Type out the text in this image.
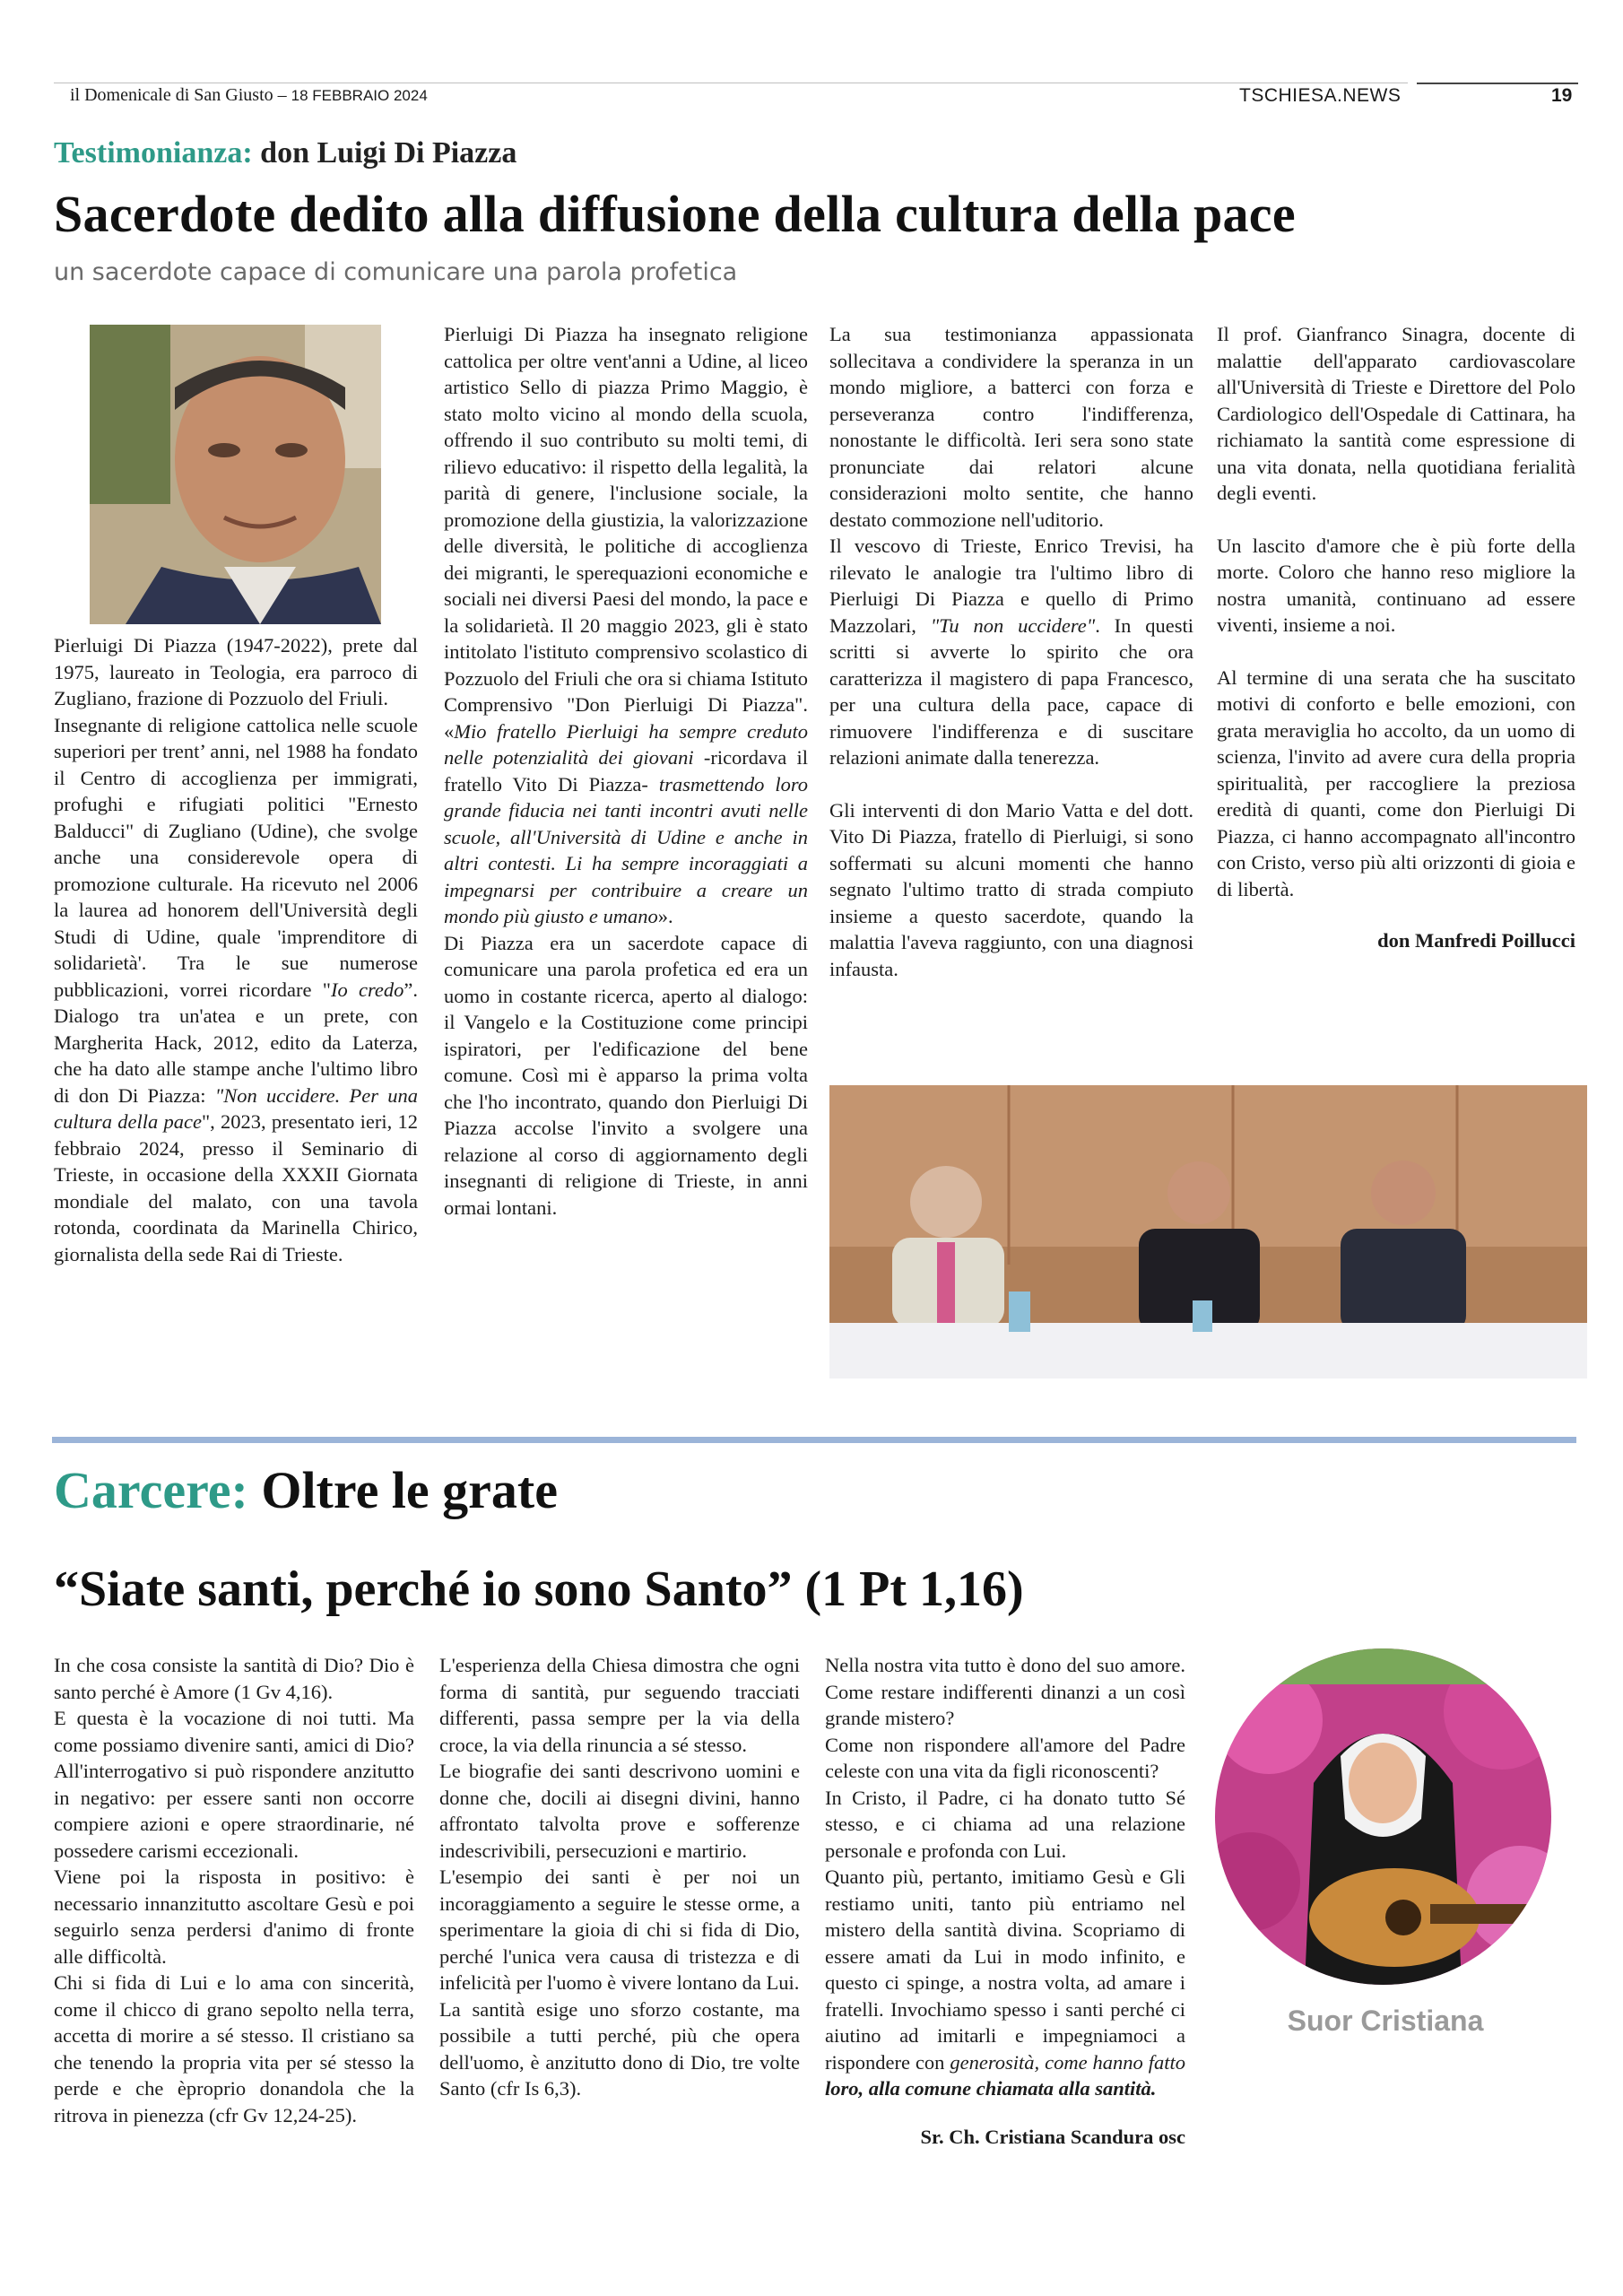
il Domenicale di San Giusto – 18 FEBBRAIO 2024	TSCHIESA.NEWS	19
Testimonianza: don Luigi Di Piazza
Sacerdote dedito alla diffusione della cultura della pace
un sacerdote capace di comunicare una parola profetica

Pierluigi Di Piazza (1947-2022), prete dal 1975, laureato in Teologia, era parroco di Zugliano, frazione di Pozzuolo del Friuli.

Insegnante di religione cattolica nelle scuole superiori per trent’ anni, nel 1988 ha fondato il Centro di accoglienza per immigrati, profughi e rifugiati politici "Ernesto Balducci" di Zugliano (Udine), che svolge anche una considerevole opera di promozione culturale. Ha ricevuto nel 2006 la laurea ad honorem dell'Università degli Studi di Udine, quale 'imprenditore di solidarietà'. Tra le sue numerose pubblicazioni, vorrei ricordare "Io credo”. Dialogo tra un'atea e un prete, con Margherita Hack, 2012, edito da Laterza, che ha dato alle stampe anche l'ultimo libro di don Di Piazza: "Non uccidere. Per una cultura della pace", 2023, presentato ieri, 12 febbraio 2024, presso il Seminario di Trieste, in occasione della XXXII Giornata mondiale del malato, con una tavola rotonda, coordinata da Marinella Chirico, giornalista della sede Rai di Trieste.

Pierluigi Di Piazza ha insegnato religione cattolica per oltre vent'anni a Udine, al liceo artistico Sello di piazza Primo Maggio, è stato molto vicino al mondo della scuola, offrendo il suo contributo su molti temi, di rilievo educativo: il rispetto della legalità, la parità di genere, l'inclusione sociale, la promozione della giustizia, la valorizzazione delle diversità, le politiche di accoglienza dei migranti, le sperequazioni economiche e sociali nei diversi Paesi del mondo, la pace e la solidarietà. Il 20 maggio 2023, gli è stato intitolato l'istituto comprensivo scolastico di Pozzuolo del Friuli che ora si chiama Istituto Comprensivo "Don Pierluigi Di Piazza". «Mio fratello Pierluigi ha sempre creduto nelle potenzialità dei giovani -ricordava il fratello Vito Di Piazza- trasmettendo loro grande fiducia nei tanti incontri avuti nelle scuole, all'Università di Udine e anche in altri contesti. Li ha sempre incoraggiati a impegnarsi per contribuire a creare un mondo più giusto e umano».

Di Piazza era un sacerdote capace di comunicare una parola profetica ed era un uomo in costante ricerca, aperto al dialogo: il Vangelo e la Costituzione come principi ispiratori, per l'edificazione del bene comune. Così mi è apparso la prima volta che l'ho incontrato, quando don Pierluigi Di Piazza accolse l'invito a svolgere una relazione al corso di aggiornamento degli insegnanti di religione di Trieste, in anni ormai lontani.

La sua testimonianza appassionata sollecitava a condividere la speranza in un mondo migliore, a batterci con forza e perseveranza contro l'indifferenza, nonostante le difficoltà. Ieri sera sono state pronunciate dai relatori alcune considerazioni molto sentite, che hanno destato commozione nell'uditorio.

Il vescovo di Trieste, Enrico Trevisi, ha rilevato le analogie tra l'ultimo libro di Pierluigi Di Piazza e quello di Primo Mazzolari, "Tu non uccidere". In questi scritti si avverte lo spirito che ora caratterizza il magistero di papa Francesco, per una cultura della pace, capace di rimuovere l'indifferenza e di suscitare relazioni animate dalla tenerezza.

Gli interventi di don Mario Vatta e del dott. Vito Di Piazza, fratello di Pierluigi, si sono soffermati su alcuni momenti che hanno segnato l'ultimo tratto di strada compiuto insieme a questo sacerdote, quando la malattia l'aveva raggiunto, con una diagnosi infausta.

Il prof. Gianfranco Sinagra, docente di malattie dell'apparato cardiovascolare all'Università di Trieste e Direttore del Polo Cardiologico dell'Ospedale di Cattinara, ha richiamato la santità come espressione di una vita donata, nella quotidiana ferialità degli eventi.

Un lascito d'amore che è più forte della morte. Coloro che hanno reso migliore la nostra umanità, continuano ad essere viventi, insieme a noi.

Al termine di una serata che ha suscitato motivi di conforto e belle emozioni, con grata meraviglia ho accolto, da un uomo di scienza, l'invito ad avere cura della propria spiritualità, per raccogliere la preziosa eredità di quanti, come don Pierluigi Di Piazza, ci hanno accompagnato all'incontro con Cristo, verso più alti orizzonti di gioia e di libertà.

don Manfredi Poillucci

Carcere: Oltre le grate
“Siate santi, perché io sono Santo” (1 Pt 1,16)

In che cosa consiste la santità di Dio? Dio è santo perché è Amore (1 Gv 4,16).

E questa è la vocazione di noi tutti. Ma come possiamo divenire santi, amici di Dio? All'interrogativo si può rispondere anzitutto in negativo: per essere santi non occorre compiere azioni e opere straordinarie, né possedere carismi eccezionali.

Viene poi la risposta in positivo: è necessario innanzitutto ascoltare Gesù e poi seguirlo senza perdersi d'animo di fronte alle difficoltà.

Chi si fida di Lui e lo ama con sincerità, come il chicco di grano sepolto nella terra, accetta di morire a sé stesso. Il cristiano sa che tenendo la propria vita per sé stesso la perde e che èproprio donandola che la ritrova in pienezza (cfr Gv 12,24-25).

L'esperienza della Chiesa dimostra che ogni forma di santità, pur seguendo tracciati differenti, passa sempre per la via della croce, la via della rinuncia a sé stesso.

Le biografie dei santi descrivono uomini e donne che, docili ai disegni divini, hanno affrontato talvolta prove e sofferenze indescrivibili, persecuzioni e martirio.

L'esempio dei santi è per noi un incoraggiamento a seguire le stesse orme, a sperimentare la gioia di chi si fida di Dio, perché l'unica vera causa di tristezza e di infelicità per l'uomo è vivere lontano da Lui.

La santità esige uno sforzo costante, ma possibile a tutti perché, più che opera dell'uomo, è anzitutto dono di Dio, tre volte Santo (cfr Is 6,3).

Nella nostra vita tutto è dono del suo amore. Come restare indifferenti dinanzi a un così grande mistero?

Come non rispondere all'amore del Padre celeste con una vita da figli riconoscenti?

In Cristo, il Padre, ci ha donato tutto Sé stesso, e ci chiama ad una relazione personale e profonda con Lui.

Quanto più, pertanto, imitiamo Gesù e Gli restiamo uniti, tanto più entriamo nel mistero della santità divina. Scopriamo di essere amati da Lui in modo infinito, e questo ci spinge, a nostra volta, ad amare i fratelli. Invochiamo spesso i santi perché ci aiutino ad imitarli e impegniamoci a rispondere con generosità, come hanno fatto loro, alla comune chiamata alla santità.

Sr. Ch. Cristiana Scandura osc

Suor Cristiana
